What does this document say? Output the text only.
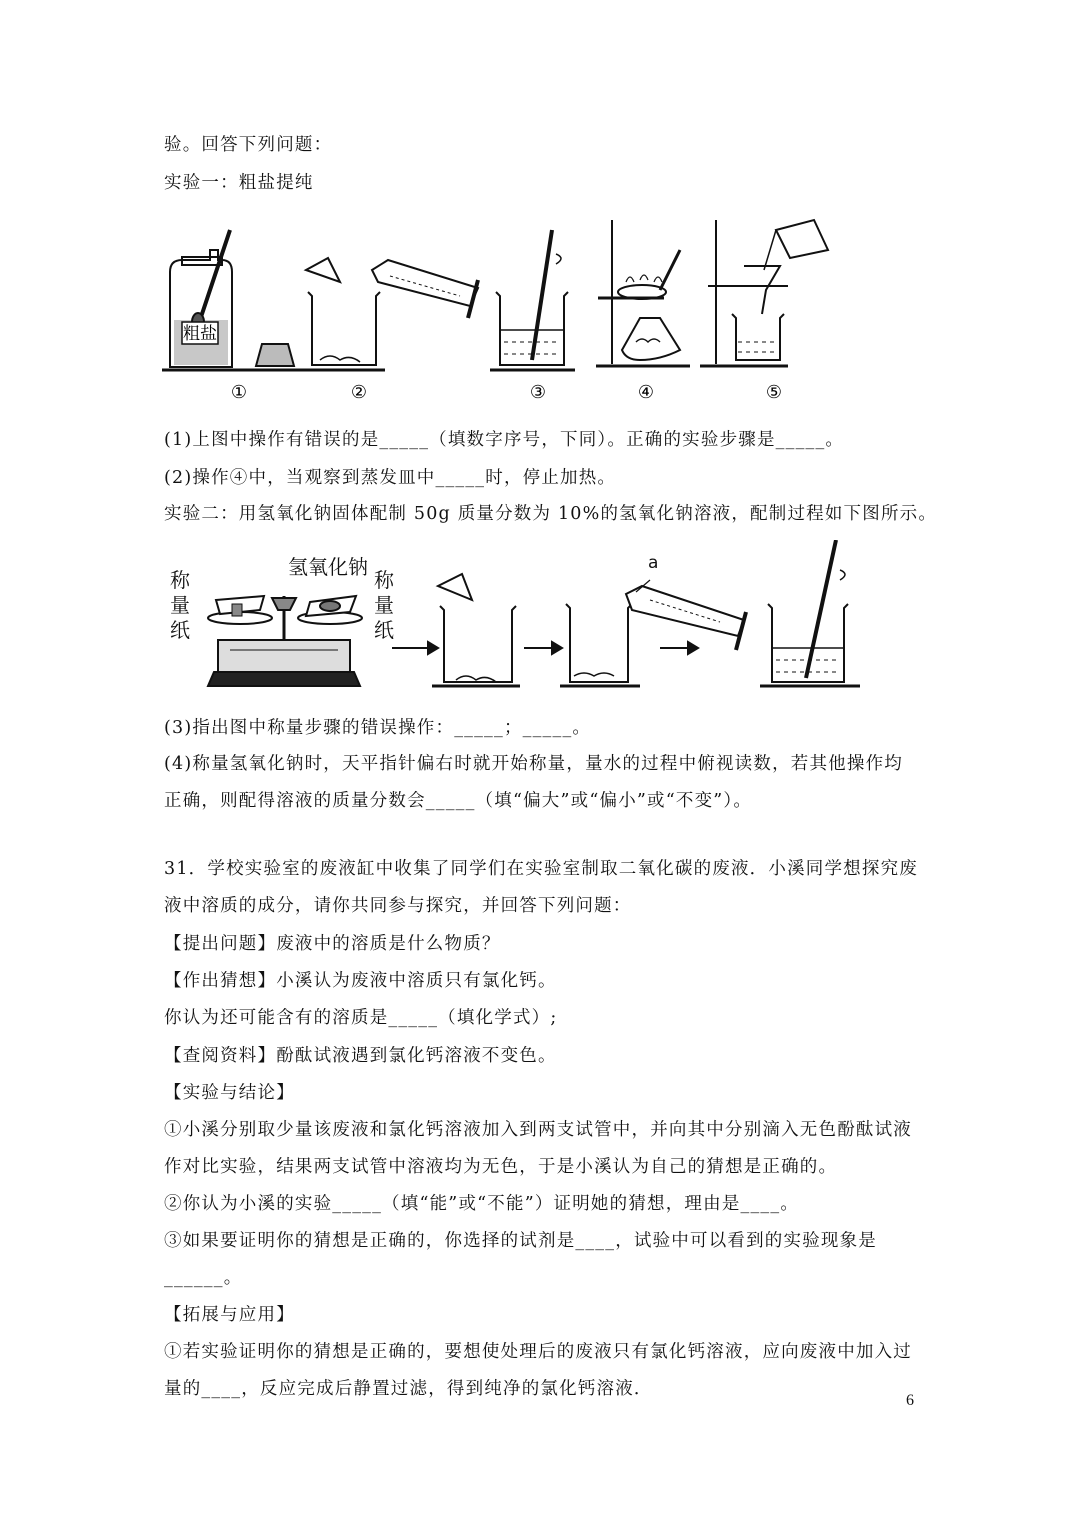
验。回答下列问题：
实验一：粗盐提纯
粗盐
①	②	③	④	⑤
(1)上图中操作有错误的是_____（填数字序号，下同）。正确的实验步骤是_____。
(2)操作④中，当观察到蒸发皿中_____时，停止加热。
实验二：用氢氧化钠固体配制 50g 质量分数为 10%的氢氧化钠溶液，配制过程如下图所示。
称
量
纸
称
量
纸
氢氧化钠	a
(3)指出图中称量步骤的错误操作：_____；_____。
(4)称量氢氧化钠时，天平指针偏右时就开始称量，量水的过程中俯视读数，若其他操作均
正确，则配得溶液的质量分数会_____（填“偏大”或“偏小”或“不变”）。
31．学校实验室的废液缸中收集了同学们在实验室制取二氧化碳的废液．小溪同学想探究废
液中溶质的成分，请你共同参与探究，并回答下列问题：
【提出问题】废液中的溶质是什么物质？
【作出猜想】小溪认为废液中溶质只有氯化钙。
你认为还可能含有的溶质是_____（填化学式）;
【查阅资料】酚酞试液遇到氯化钙溶液不变色。
【实验与结论】
①小溪分别取少量该废液和氯化钙溶液加入到两支试管中，并向其中分别滴入无色酚酞试液
作对比实验，结果两支试管中溶液均为无色，于是小溪认为自己的猜想是正确的。
②你认为小溪的实验_____（填“能”或“不能”）证明她的猜想，理由是____。
③如果要证明你的猜想是正确的，你选择的试剂是____，试验中可以看到的实验现象是
______。
【拓展与应用】
①若实验证明你的猜想是正确的，要想使处理后的废液只有氯化钙溶液，应向废液中加入过
量的____，反应完成后静置过滤，得到纯净的氯化钙溶液．
6
